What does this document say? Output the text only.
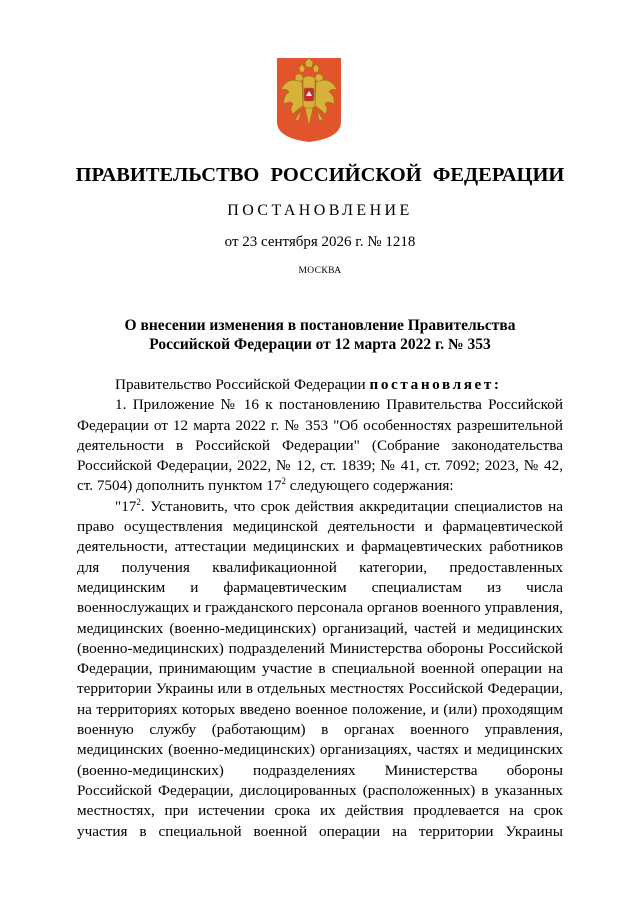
ПРАВИТЕЛЬСТВО РОССИЙСКОЙ ФЕДЕРАЦИИ
ПОСТАНОВЛЕНИЕ
от 23 сентября 2026 г. № 1218
МОСКВА
О внесении изменения в постановление Правительства
Российской Федерации от 12 марта 2022 г. № 353

Правительство Российской Федерации постановляет:

1. Приложение № 16 к постановлению Правительства Российской Федерации от 12 марта 2022 г. № 353 "Об особенностях разрешительной деятельности в Российской Федерации" (Собрание законодательства Российской Федерации, 2022, № 12, ст. 1839; № 41, ст. 7092; 2023, № 42, ст. 7504) дополнить пунктом $17^2$ следующего содержания:

"$17^2$. Установить, что срок действия аккредитации специалистов на право осуществления медицинской деятельности и фармацевтической деятельности, аттестации медицинских и фармацевтических работников для получения квалификационной категории, предоставленных медицинским и фармацевтическим специалистам из числа военнослужащих и гражданского персонала органов военного управления, медицинских (военно-медицинских) организаций, частей и медицинских (военно-медицинских) подразделений Министерства обороны Российской Федерации, принимающим участие в специальной военной операции на территории Украины или в отдельных местностях Российской Федерации, на территориях которых введено военное положение, и (или) проходящим военную службу (работающим) в органах военного управления, медицинских (военно-медицинских) организациях, частях и медицинских (военно-медицинских) подразделениях Министерства обороны Российской Федерации, дислоцированных (расположенных) в указанных местностях, при истечении срока их действия продлевается на срок участия в специальной военной операции на территории Украины
